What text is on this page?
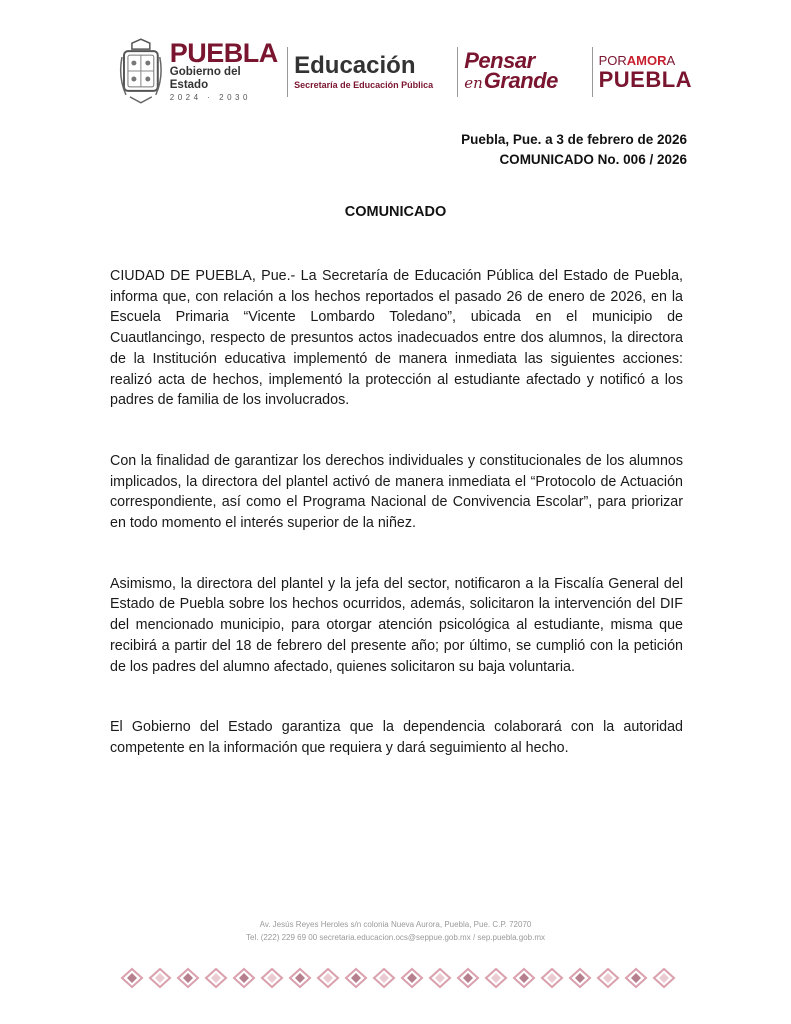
PUEBLA
Gobierno del Estado
2024 · 2030
Educación
Secretaría de Educación Pública
Pensar
en Grande
PORAMORA
PUEBLA
Puebla, Pue. a 3 de febrero de 2026
COMUNICADO No. 006 / 2026
COMUNICADO

CIUDAD DE PUEBLA, Pue.- La Secretaría de Educación Pública del Estado de Puebla, informa que, con relación a los hechos reportados el pasado 26 de enero de 2026, en la Escuela Primaria “Vicente Lombardo Toledano”, ubicada en el municipio de Cuautlancingo, respecto de presuntos actos inadecuados entre dos alumnos, la directora de la Institución educativa implementó de manera inmediata las siguientes acciones: realizó acta de hechos, implementó la protección al estudiante afectado y notificó a los padres de familia de los involucrados.

Con la finalidad de garantizar los derechos individuales y constitucionales de los alumnos implicados, la directora del plantel activó de manera inmediata el “Protocolo de Actuación correspondiente, así como el Programa Nacional de Convivencia Escolar”, para priorizar en todo momento el interés superior de la niñez.

Asimismo, la directora del plantel y la jefa del sector, notificaron a la Fiscalía General del Estado de Puebla sobre los hechos ocurridos, además, solicitaron la intervención del DIF del mencionado municipio, para otorgar atención psicológica al estudiante, misma que recibirá a partir del 18 de febrero del presente año; por último, se cumplió con la petición de los padres del alumno afectado, quienes solicitaron su baja voluntaria.

El Gobierno del Estado garantiza que la dependencia colaborará con la autoridad competente en la información que requiera y dará seguimiento al hecho.

Av. Jesús Reyes Heroles s/n colonia Nueva Aurora, Puebla, Pue. C.P. 72070
Tel. (222) 229 69 00 secretaria.educacion.ocs@seppue.gob.mx / sep.puebla.gob.mx
